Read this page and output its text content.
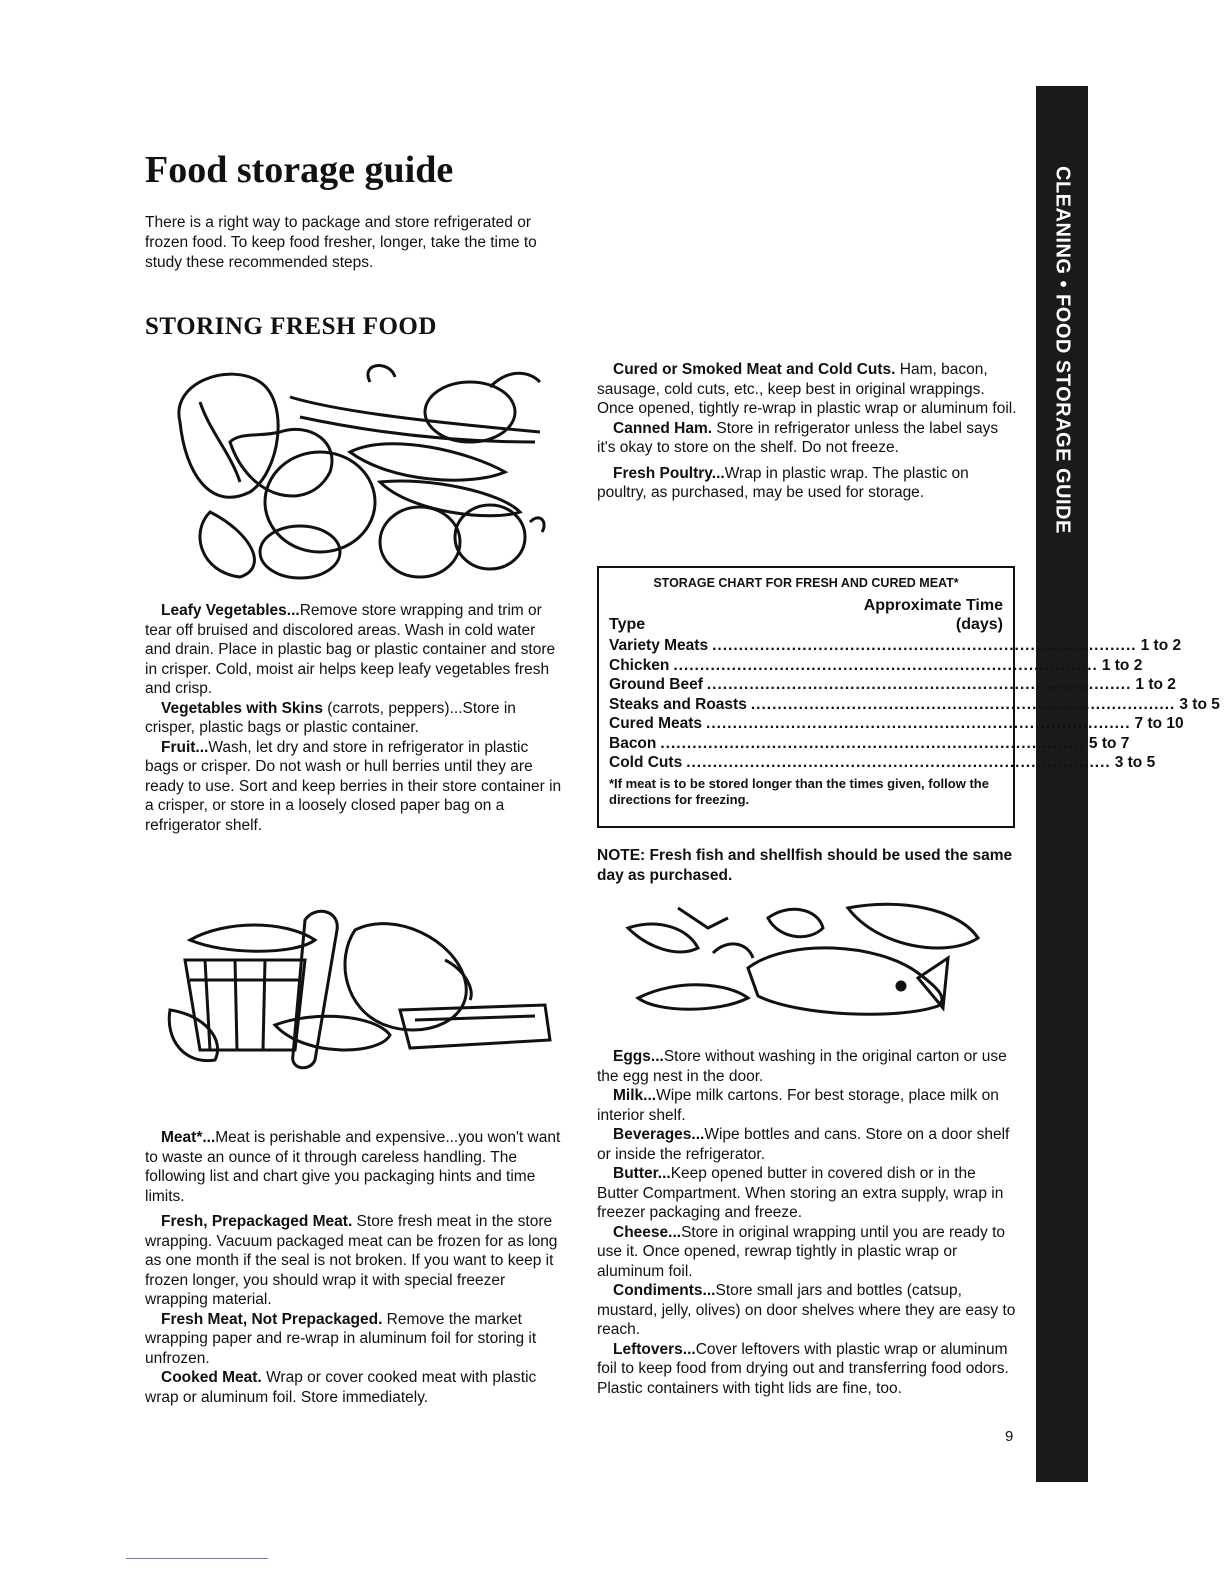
CLEANING • FOOD STORAGE GUIDE
Food storage guide

There is a right way to package and store refrigerated or frozen food. To keep food fresher, longer, take the time to study these recommended steps.

STORING FRESH FOOD

Leafy Vegetables...Remove store wrapping and trim or tear off bruised and discolored areas. Wash in cold water and drain. Place in plastic bag or plastic container and store in crisper. Cold, moist air helps keep leafy vegetables fresh and crisp.

Vegetables with Skins (carrots, peppers)...Store in crisper, plastic bags or plastic container.

Fruit...Wash, let dry and store in refrigerator in plastic bags or crisper. Do not wash or hull berries until they are ready to use. Sort and keep berries in their store container in a crisper, or store in a loosely closed paper bag on a refrigerator shelf.

Meat*...Meat is perishable and expensive...you won't want to waste an ounce of it through careless handling. The following list and chart give you packaging hints and time limits.

Fresh, Prepackaged Meat. Store fresh meat in the store wrapping. Vacuum packaged meat can be frozen for as long as one month if the seal is not broken. If you want to keep it frozen longer, you should wrap it with special freezer wrapping material.

Fresh Meat, Not Prepackaged. Remove the market wrapping paper and re-wrap in aluminum foil for storing it unfrozen.

Cooked Meat. Wrap or cover cooked meat with plastic wrap or aluminum foil. Store immediately.

Cured or Smoked Meat and Cold Cuts. Ham, bacon, sausage, cold cuts, etc., keep best in original wrappings. Once opened, tightly re-wrap in plastic wrap or aluminum foil.

Canned Ham. Store in refrigerator unless the label says it's okay to store on the shelf. Do not freeze.

Fresh Poultry...Wrap in plastic wrap. The plastic on poultry, as purchased, may be used for storage.

STORAGE CHART FOR FRESH AND CURED MEAT*
Type
Approximate Time
(days)
Variety Meats ................................................................................ 1 to 2
Chicken ................................................................................ 1 to 2
Ground Beef ................................................................................ 1 to 2
Steaks and Roasts ................................................................................ 3 to 5
Cured Meats ................................................................................ 7 to 10
Bacon ................................................................................ 5 to 7
Cold Cuts ................................................................................ 3 to 5
*If meat is to be stored longer than the times given, follow the directions for freezing.

NOTE: Fresh fish and shellfish should be used the same day as purchased.

Eggs...Store without washing in the original carton or use the egg nest in the door.

Milk...Wipe milk cartons. For best storage, place milk on interior shelf.

Beverages...Wipe bottles and cans. Store on a door shelf or inside the refrigerator.

Butter...Keep opened butter in covered dish or in the Butter Compartment. When storing an extra supply, wrap in freezer packaging and freeze.

Cheese...Store in original wrapping until you are ready to use it. Once opened, rewrap tightly in plastic wrap or aluminum foil.

Condiments...Store small jars and bottles (catsup, mustard, jelly, olives) on door shelves where they are easy to reach.

Leftovers...Cover leftovers with plastic wrap or aluminum foil to keep food from drying out and transferring food odors. Plastic containers with tight lids are fine, too.

9
